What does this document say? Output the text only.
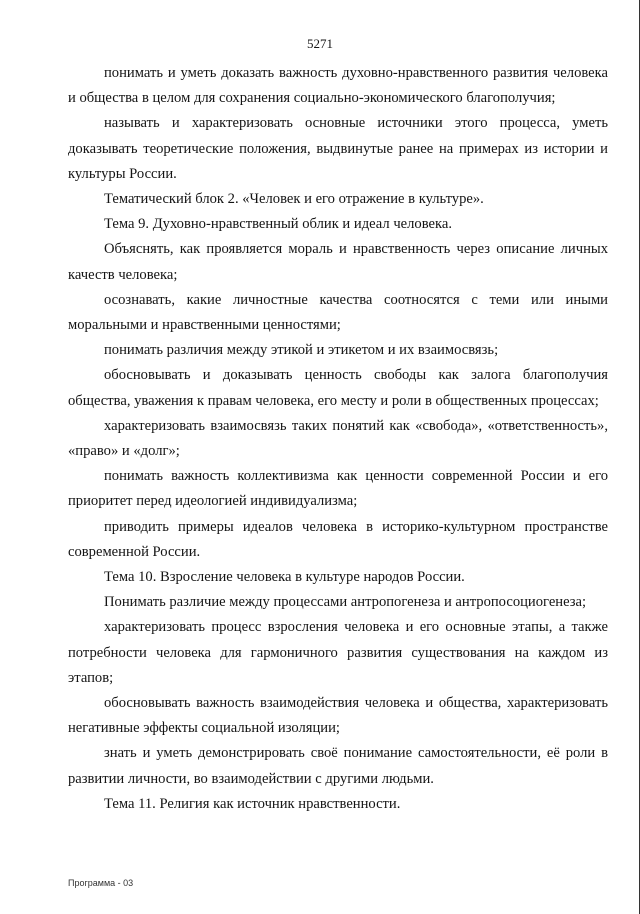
5271

понимать и уметь доказать важность духовно-нравственного развития человека и общества в целом для сохранения социально-экономического благополучия;

называть и характеризовать основные источники этого процесса, уметь доказывать теоретические положения, выдвинутые ранее на примерах из истории и культуры России.

Тематический блок 2. «Человек и его отражение в культуре».

Тема 9. Духовно-нравственный облик и идеал человека.

Объяснять, как проявляется мораль и нравственность через описание личных качеств человека;

осознавать, какие личностные качества соотносятся с теми или иными моральными и нравственными ценностями;

понимать различия между этикой и этикетом и их взаимосвязь;

обосновывать и доказывать ценность свободы как залога благополучия общества, уважения к правам человека, его месту и роли в общественных процессах;

характеризовать взаимосвязь таких понятий как «свобода», «ответственность», «право» и «долг»;

понимать важность коллективизма как ценности современной России и его приоритет перед идеологией индивидуализма;

приводить примеры идеалов человека в историко-культурном пространстве современной России.

Тема 10. Взросление человека в культуре народов России.

Понимать различие между процессами антропогенеза и антропосоциогенеза;

характеризовать процесс взросления человека и его основные этапы, а также потребности человека для гармоничного развития существования на каждом из этапов;

обосновывать важность взаимодействия человека и общества, характеризовать негативные эффекты социальной изоляции;

знать и уметь демонстрировать своё понимание самостоятельности, её роли в развитии личности, во взаимодействии с другими людьми.

Тема 11. Религия как источник нравственности.

Программа - 03
